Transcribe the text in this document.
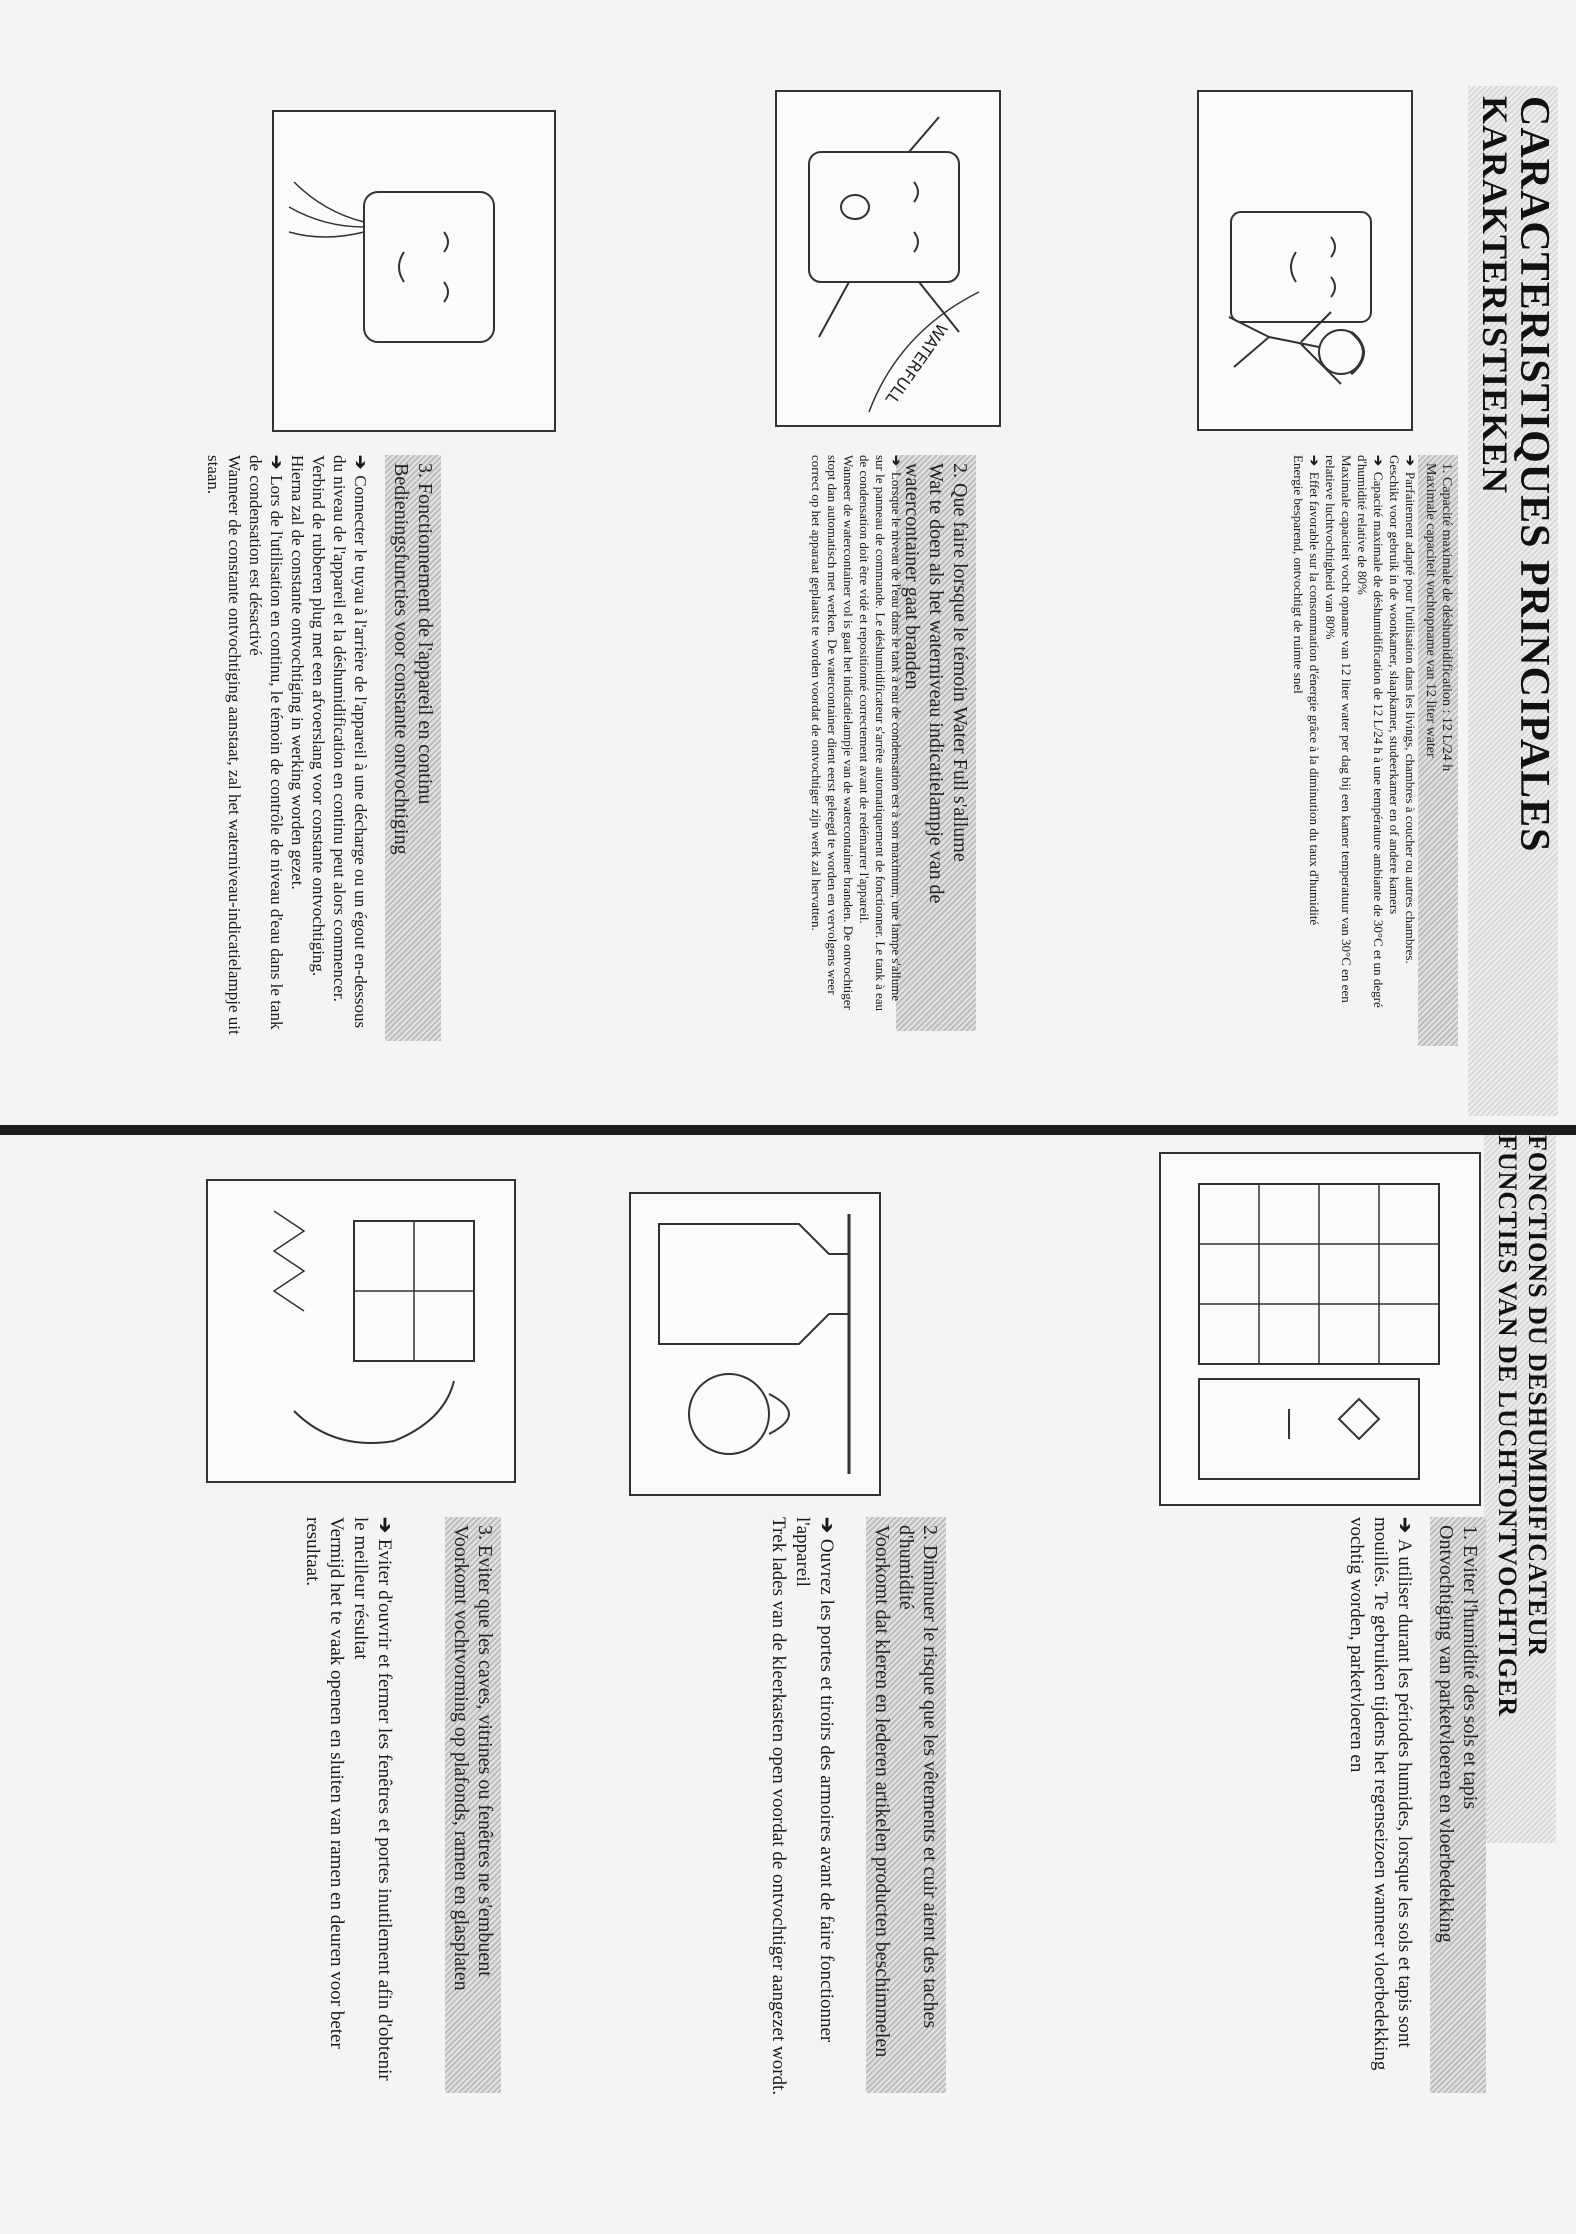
CARACTERISTIQUES PRINCIPALES
KARAKTERISTIEKEN
1. Capacité maximale de déshumidification : 12 L/24 h
Maximale capaciteit vochtopname van 12 liter water
➔Parfaitement adapté pour l'utilisation dans les livings, chambres à coucher ou autres chambres.
Geschikt voor gebruik in de woonkamer, slaapkamer, studeerkamer en of andere kamers
➔Capacité maximale de déshumidification de 12 L/24 h à une température ambiante de 30°C et un degré d'humidité relative de 80%
Maximale capaciteit vocht opname van 12 liter water per dag bij een kamer temperatuur van 30°C en een relatieve luchtvochtigheid van 80%
➔Effet favorable sur la consommation d'énergie grâce à la diminution du taux d'humidité
Energie besparend, ontvochtigt de ruimte snel
2. Que faire lorsque le témoin Water Full s'allume
Wat te doen als het waterniveau indicatielampje van de watercontainer gaat branden
➔Lorsque le niveau de l'eau dans le tank à eau de condensation est à son maximum, une lampe s'allume sur le panneau de commande. Le déshumidificateur s'arrête automatiquement de fonctionner. Le tank à eau de condensation doit être vidé et repositionné correctement avant de redémarrer l'appareil.
Wanneer de watercontainer vol is gaat het indicatielampje van de watercontainer branden. De ontvochtiger stopt dan automatisch met werken. De watercontainer dient eerst geleegd te worden en vervolgens weer correct op het apparaat geplaatst te worden voordat de ontvochtiger zijn werk zal hervatten.
WATERFULL
3. Fonctionnement de l'appareil en continu
Bedieningsfuncties voor constante ontvochtiging
➔Connecter le tuyau à l'arrière de l'appareil à une décharge ou un égout en-dessous du niveau de l'appareil et la déshumidification en continu peut alors commencer.
Verbind de rubberen plug met een afvoerslang voor constante ontvochtiging.
Hierna zal de constante ontvochtiging in werking worden gezet.
➔Lors de l'utilisation en continu, le témoin de contrôle de niveau d'eau dans le tank de condensation est désactivé
Wanneer de constante ontvochtiging aanstaat, zal het waterniveau-indicatielampje uit staan.
FONCTIONS DU DESHUMIDIFICATEUR
FUNCTIES VAN DE LUCHTONTVOCHTIGER
1. Eviter l'humidité des sols et tapis
Ontvochtiging van parketvloeren en vloerbedekking
➔A utiliser durant les périodes humides, lorsque les sols et tapis sont mouillés. Te gebruiken tijdens het regenseizoen wanneer vloerbedekking vochtig worden, parketvloeren en
2. Diminuer le risque que les vêtements et cuir aient des taches d'humidité
Voorkomt dat kleren en lederen artikelen producten beschimmelen
➔Ouvrez les portes et tiroirs des armoires avant de faire fonctionner l'appareil
Trek lades van de kleerkasten open voordat de ontvochtiger aangezet wordt.
3. Eviter que les caves, vitrines ou fenêtres ne s'embuent
Voorkomt vochtvorming op plafonds, ramen en glasplaten
➔Eviter d'ouvrir et fermer les fenêtres et portes inutilement afin d'obtenir le meilleur résultat
Vermijd het te vaak openen en sluiten van ramen en deuren voor beter resultaat.
